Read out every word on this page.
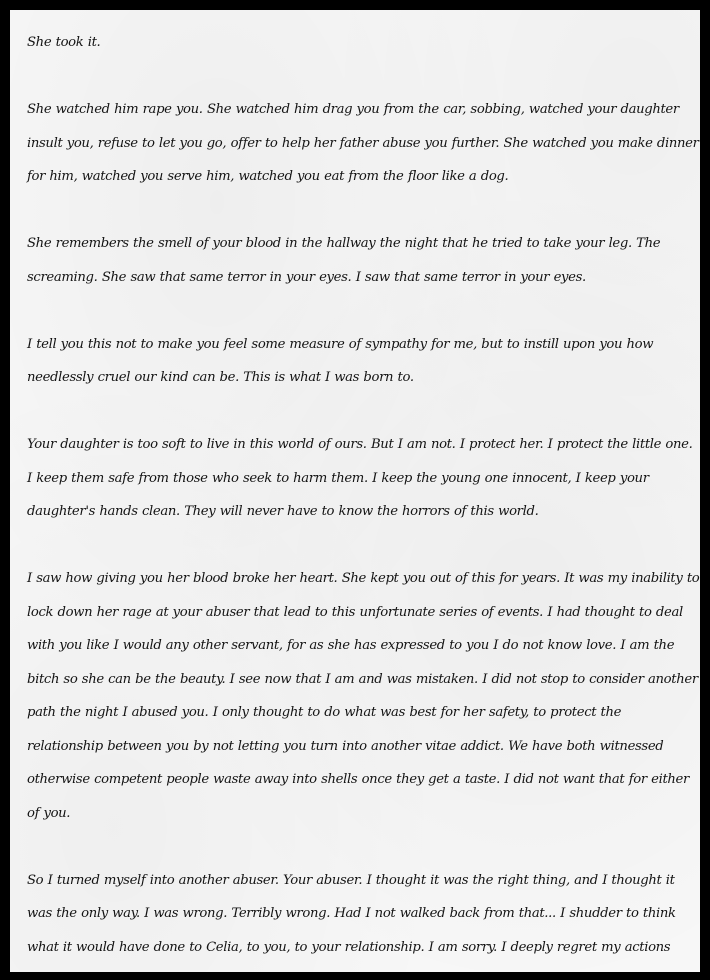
She took it.

She watched him rape you. She watched him drag you from the car, sobbing, watched your daughter insult you, refuse to let you go, offer to help her father abuse you further. She watched you make dinner for him, watched you serve him, watched you eat from the floor like a dog.

She remembers the smell of your blood in the hallway the night that he tried to take your leg. The screaming. She saw that same terror in your eyes. I saw that same terror in your eyes.

I tell you this not to make you feel some measure of sympathy for me, but to instill upon you how needlessly cruel our kind can be. This is what I was born to.

Your daughter is too soft to live in this world of ours. But I am not. I protect her. I protect the little one. I keep them safe from those who seek to harm them. I keep the young one innocent, I keep your daughter's hands clean. They will never have to know the horrors of this world.

I saw how giving you her blood broke her heart. She kept you out of this for years. It was my inability to lock down her rage at your abuser that lead to this unfortunate series of events. I had thought to deal with you like I would any other servant, for as she has expressed to you I do not know love. I am the bitch so she can be the beauty. I see now that I am and was mistaken. I did not stop to consider another path the night I abused you. I only thought to do what was best for her safety, to protect the relationship between you by not letting you turn into another vitae addict. We have both witnessed otherwise competent people waste away into shells once they get a taste. I did not want that for either of you.

So I turned myself into another abuser. Your abuser. I thought it was the right thing, and I thought it was the only way. I was wrong. Terribly wrong. Had I not walked back from that... I shudder to think what it would have done to Celia, to you, to your relationship. I am sorry. I deeply regret my actions
